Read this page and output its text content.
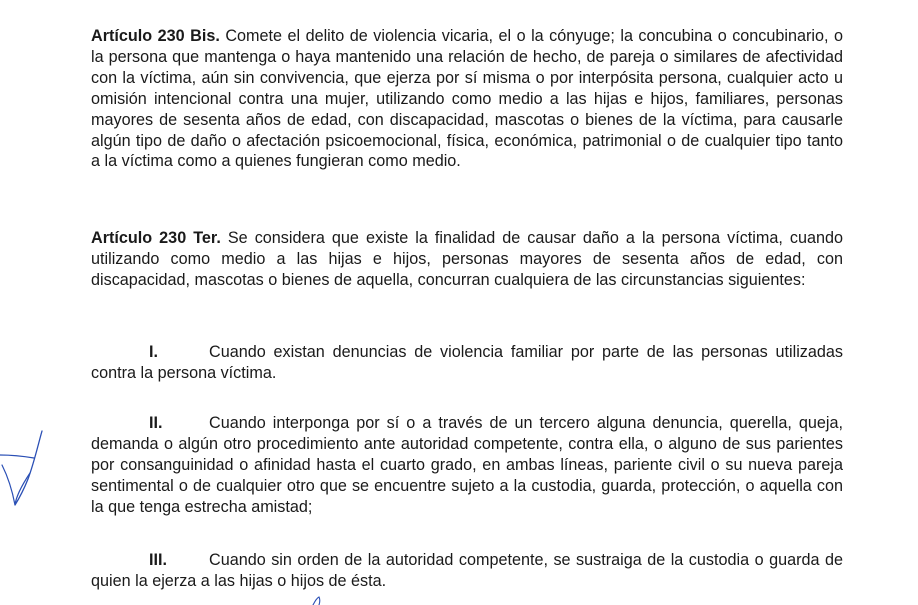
Artículo 230 Bis. Comete el delito de violencia vicaria, el o la cónyuge; la concubina o concubinario, o la persona que mantenga o haya mantenido una relación de hecho, de pareja o similares de afectividad con la víctima, aún sin convivencia, que ejerza por sí misma o por interpósita persona, cualquier acto u omisión intencional contra una mujer, utilizando como medio a las hijas e hijos, familiares, personas mayores de sesenta años de edad, con discapacidad, mascotas o bienes de la víctima, para causarle algún tipo de daño o afectación psicoemocional, física, económica, patrimonial o de cualquier tipo tanto a la víctima como a quienes fungieran como medio.

Artículo 230 Ter. Se considera que existe la finalidad de causar daño a la persona víctima, cuando utilizando como medio a las hijas e hijos, personas mayores de sesenta años de edad, con discapacidad, mascotas o bienes de aquella, concurran cualquiera de las circunstancias siguientes:

I.	Cuando existan denuncias de violencia familiar por parte de las personas utilizadas contra la persona víctima.

II.	Cuando interponga por sí o a través de un tercero alguna denuncia, querella, queja, demanda o algún otro procedimiento ante autoridad competente, contra ella, o alguno de sus parientes por consanguinidad o afinidad hasta el cuarto grado, en ambas líneas, pariente civil o su nueva pareja sentimental o de cualquier otro que se encuentre sujeto a la custodia, guarda, protección, o aquella con la que tenga estrecha amistad;

III.	Cuando sin orden de la autoridad competente, se sustraiga de la custodia o guarda de quien la ejerza a las hijas o hijos de ésta.
